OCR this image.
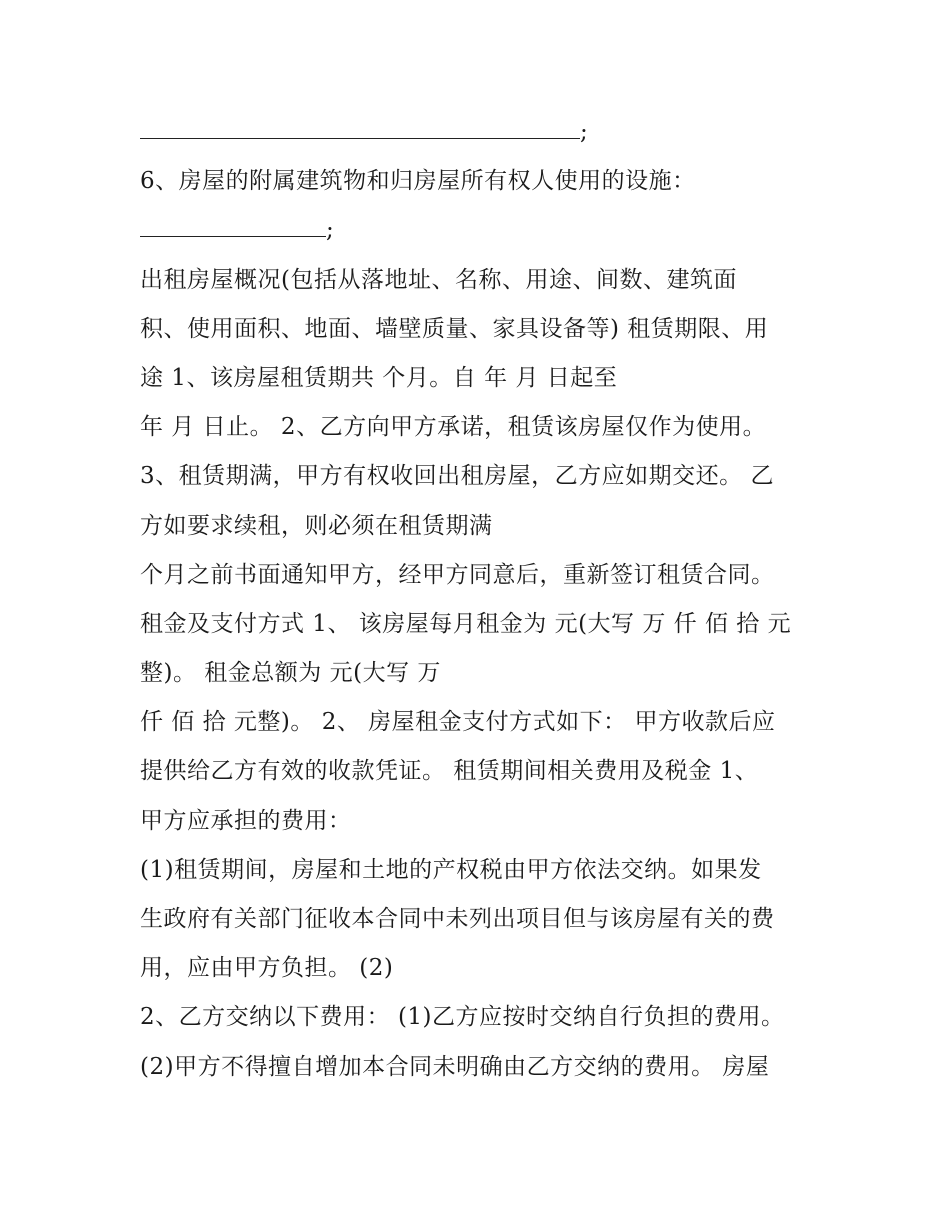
;
6、房屋的附属建筑物和归房屋所有权人使用的设施：
;
出租房屋概况(包括从落地址、名称、用途、间数、建筑面
积、使用面积、地面、墙壁质量、家具设备等) 租赁期限、用
途 1、该房屋租赁期共 个月。自 年 月 日起至
年 月 日止。 2、乙方向甲方承诺，租赁该房屋仅作为使用。
3、租赁期满，甲方有权收回出租房屋，乙方应如期交还。 乙
方如要求续租，则必须在租赁期满
个月之前书面通知甲方，经甲方同意后，重新签订租赁合同。
租金及支付方式 1、 该房屋每月租金为 元(大写 万 仟 佰 拾 元
整)。 租金总额为 元(大写 万
仟 佰 拾 元整)。 2、 房屋租金支付方式如下： 甲方收款后应
提供给乙方有效的收款凭证。 租赁期间相关费用及税金 1、
甲方应承担的费用：
(1)租赁期间，房屋和土地的产权税由甲方依法交纳。如果发
生政府有关部门征收本合同中未列出项目但与该房屋有关的费
用，应由甲方负担。 (2)
2、乙方交纳以下费用： (1)乙方应按时交纳自行负担的费用。
(2)甲方不得擅自增加本合同未明确由乙方交纳的费用。 房屋
